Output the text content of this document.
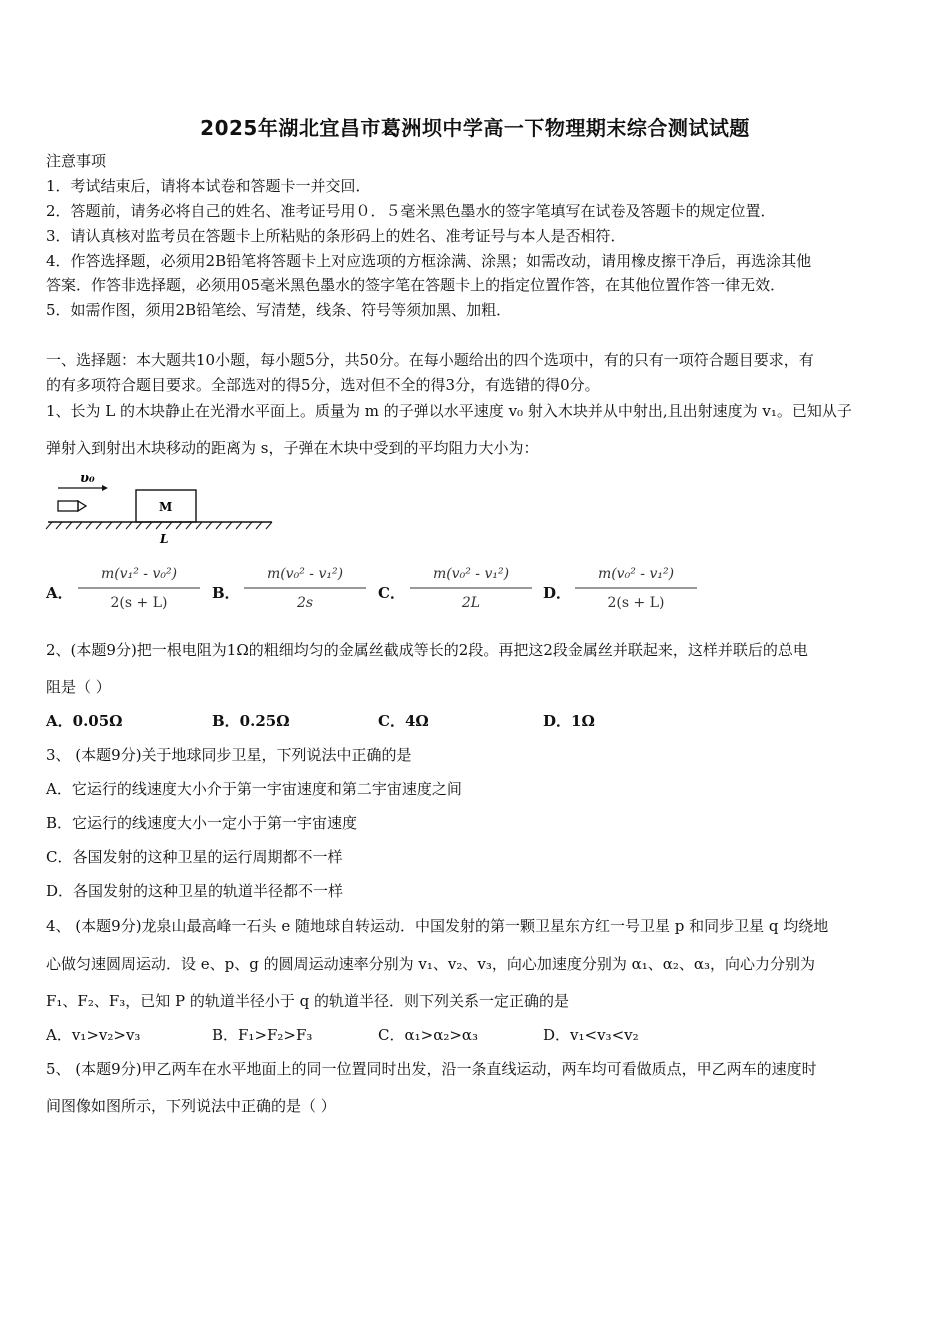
2025年湖北宜昌市葛洲坝中学高一下物理期末综合测试试题
注意事项
1．考试结束后，请将本试卷和答题卡一并交回．
2．答题前，请务必将自己的姓名、准考证号用０．５毫米黑色墨水的签字笔填写在试卷及答题卡的规定位置．
3．请认真核对监考员在答题卡上所粘贴的条形码上的姓名、准考证号与本人是否相符．
4．作答选择题，必须用2B铅笔将答题卡上对应选项的方框涂满、涂黑；如需改动，请用橡皮擦干净后，再选涂其他
答案．作答非选择题，必须用05毫米黑色墨水的签字笔在答题卡上的指定位置作答，在其他位置作答一律无效．
5．如需作图，须用2B铅笔绘、写清楚，线条、符号等须加黑、加粗．
一、选择题：本大题共10小题，每小题5分，共50分。在每小题给出的四个选项中，有的只有一项符合题目要求，有
的有多项符合题目要求。全部选对的得5分，选对但不全的得3分，有选错的得0分。
1、长为 L 的木块静止在光滑水平面上。质量为 m 的子弹以水平速度 v₀ 射入木块并从中射出,且出射速度为 v₁。已知从子
弹射入到射出木块移动的距离为 s，子弹在木块中受到的平均阻力大小为：
υ₀
M
L
A．
m(v₁² - v₀²)
2(s + L)
B．
m(v₀² - v₁²)
2s
C．
m(v₀² - v₁²)
2L
D．
m(v₀² - v₁²)
2(s + L)
2、(本题9分)把一根电阻为1Ω的粗细均匀的金属丝截成等长的2段。再把这2段金属丝并联起来，这样并联后的总电
阻是（ ）
A．0.05Ω	B．0.25Ω	C．4Ω	D．1Ω
3、 (本题9分)关于地球同步卫星，下列说法中正确的是
A．它运行的线速度大小介于第一宇宙速度和第二宇宙速度之间
B．它运行的线速度大小一定小于第一宇宙速度
C．各国发射的这种卫星的运行周期都不一样
D．各国发射的这种卫星的轨道半径都不一样
4、 (本题9分)龙泉山最高峰一石头 e 随地球自转运动．中国发射的第一颗卫星东方红一号卫星 p 和同步卫星 q 均绕地
心做匀速圆周运动．设 e、p、g 的圆周运动速率分别为 v₁、v₂、v₃，向心加速度分别为 α₁、α₂、α₃，向心力分别为
F₁、F₂、F₃，已知 P 的轨道半径小于 q 的轨道半径．则下列关系一定正确的是
A．v₁>v₂>v₃	B．F₁>F₂>F₃	C．α₁>α₂>α₃	D．v₁<v₃<v₂
5、 (本题9分)甲乙两车在水平地面上的同一位置同时出发，沿一条直线运动，两车均可看做质点，甲乙两车的速度时
间图像如图所示，下列说法中正确的是（ ）
